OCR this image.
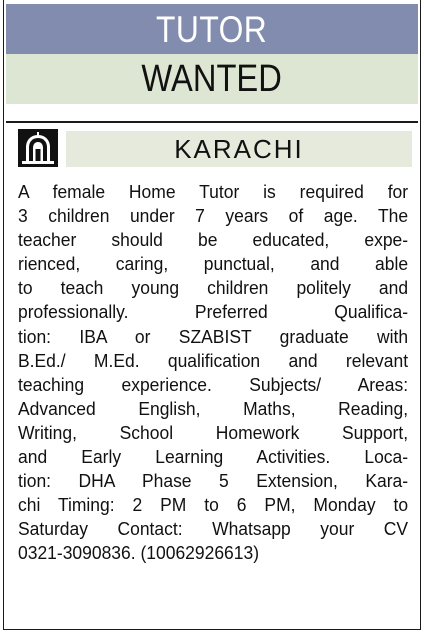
TUTOR
WANTED
KARACHI
A female Home Tutor is required for
3 children under 7 years of age. The
teacher should be educated, expe-
rienced, caring, punctual, and able
to teach young children politely and
professionally. Preferred Qualifica-
tion: IBA or SZABIST graduate with
B.Ed./ M.Ed. qualification and relevant
teaching experience. Subjects/ Areas:
Advanced English, Maths, Reading,
Writing, School Homework Support,
and Early Learning Activities. Loca-
tion: DHA Phase 5 Extension, Kara-
chi Timing: 2 PM to 6 PM, Monday to
Saturday Contact: Whatsapp your CV
0321-3090836. (10062926613)
